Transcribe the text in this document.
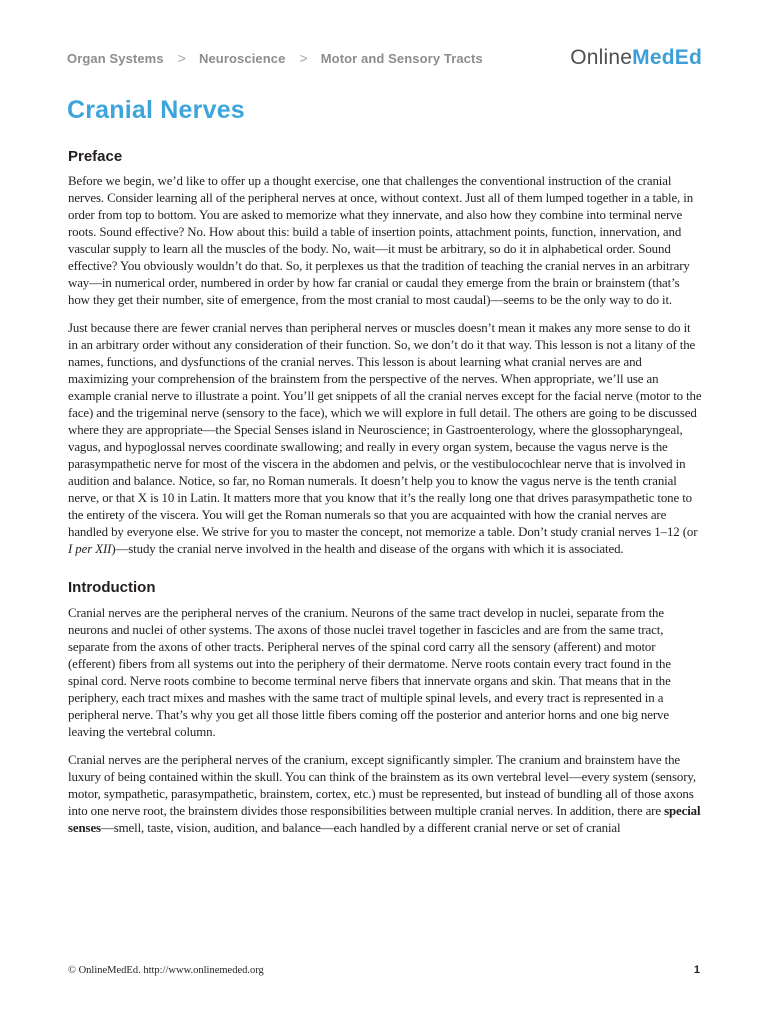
Organ Systems > Neuroscience > Motor and Sensory Tracts	Online MedEd
Cranial Nerves
Preface

Before we begin, we’d like to offer up a thought exercise, one that challenges the conventional instruction of the cranial nerves. Consider learning all of the peripheral nerves at once, without context. Just all of them lumped together in a table, in order from top to bottom. You are asked to memorize what they innervate, and also how they combine into terminal nerve roots. Sound effective? No. How about this: build a table of insertion points, attachment points, function, innervation, and vascular supply to learn all the muscles of the body. No, wait—it must be arbitrary, so do it in alphabetical order. Sound effective? You obviously wouldn’t do that. So, it perplexes us that the tradition of teaching the cranial nerves in an arbitrary way—in numerical order, numbered in order by how far cranial or caudal they emerge from the brain or brainstem (that’s how they get their number, site of emergence, from the most cranial to most caudal)—seems to be the only way to do it.

Just because there are fewer cranial nerves than peripheral nerves or muscles doesn’t mean it makes any more sense to do it in an arbitrary order without any consideration of their function. So, we don’t do it that way. This lesson is not a litany of the names, functions, and dysfunctions of the cranial nerves. This lesson is about learning what cranial nerves are and maximizing your comprehension of the brainstem from the perspective of the nerves. When appropriate, we’ll use an example cranial nerve to illustrate a point. You’ll get snippets of all the cranial nerves except for the facial nerve (motor to the face) and the trigeminal nerve (sensory to the face), which we will explore in full detail. The others are going to be discussed where they are appropriate—the Special Senses island in Neuroscience; in Gastroenterology, where the glossopharyngeal, vagus, and hypoglossal nerves coordinate swallowing; and really in every organ system, because the vagus nerve is the parasympathetic nerve for most of the viscera in the abdomen and pelvis, or the vestibulocochlear nerve that is involved in audition and balance. Notice, so far, no Roman numerals. It doesn’t help you to know the vagus nerve is the tenth cranial nerve, or that X is 10 in Latin. It matters more that you know that it’s the really long one that drives parasympathetic tone to the entirety of the viscera. You will get the Roman numerals so that you are acquainted with how the cranial nerves are handled by everyone else. We strive for you to master the concept, not memorize a table. Don’t study cranial nerves 1–12 (or I per XII)—study the cranial nerve involved in the health and disease of the organs with which it is associated.

Introduction

Cranial nerves are the peripheral nerves of the cranium. Neurons of the same tract develop in nuclei, separate from the neurons and nuclei of other systems. The axons of those nuclei travel together in fascicles and are from the same tract, separate from the axons of other tracts. Peripheral nerves of the spinal cord carry all the sensory (afferent) and motor (efferent) fibers from all systems out into the periphery of their dermatome. Nerve roots contain every tract found in the spinal cord. Nerve roots combine to become terminal nerve fibers that innervate organs and skin. That means that in the periphery, each tract mixes and mashes with the same tract of multiple spinal levels, and every tract is represented in a peripheral nerve. That’s why you get all those little fibers coming off the posterior and anterior horns and one big nerve leaving the vertebral column.

Cranial nerves are the peripheral nerves of the cranium, except significantly simpler. The cranium and brainstem have the luxury of being contained within the skull. You can think of the brainstem as its own vertebral level—every system (sensory, motor, sympathetic, parasympathetic, brainstem, cortex, etc.) must be represented, but instead of bundling all of those axons into one nerve root, the brainstem divides those responsibilities between multiple cranial nerves. In addition, there are special senses—smell, taste, vision, audition, and balance—each handled by a different cranial nerve or set of cranial

© OnlineMedEd. http://www.onlinemeded.org	1
